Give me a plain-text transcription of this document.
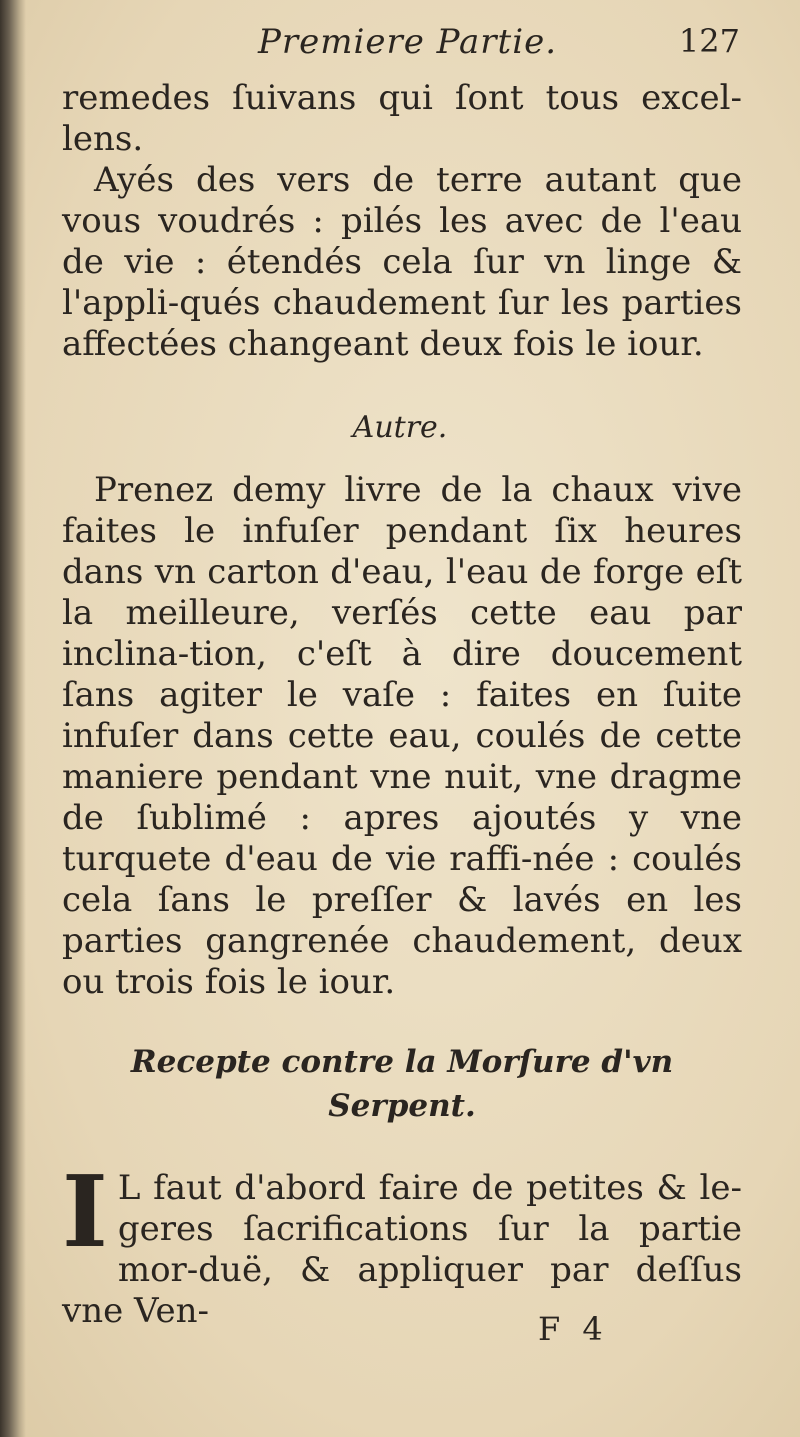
Premiere Partie.	127

remedes ſuivans qui ſont tous excel-lens.

Ayés des vers de terre autant que vous voudrés : pilés les avec de l'eau de vie : étendés cela ſur vn linge & l'appli-qués chaudement ſur les parties affectées changeant deux fois le iour.

Autre.

Prenez demy livre de la chaux vive faites le infuſer pendant ſix heures dans vn carton d'eau, l'eau de forge eſt la meilleure, verſés cette eau par inclina-tion, c'eſt à dire doucement ſans agiter le vaſe : faites en ſuite infuſer dans cette eau, coulés de cette maniere pendant vne nuit, vne dragme de ſublimé : apres ajoutés y vne turquete d'eau de vie raffi-née : coulés cela ſans le preſſer & lavés en les parties gangrenée chaudement, deux ou trois fois le iour.

Recepte contre la Morſure d'vn
Serpent.
I L faut d'abord faire de petites & le-geres ſacrifications ſur la partie mor-duë, & appliquer par deſſus vne Ven-	F 4
